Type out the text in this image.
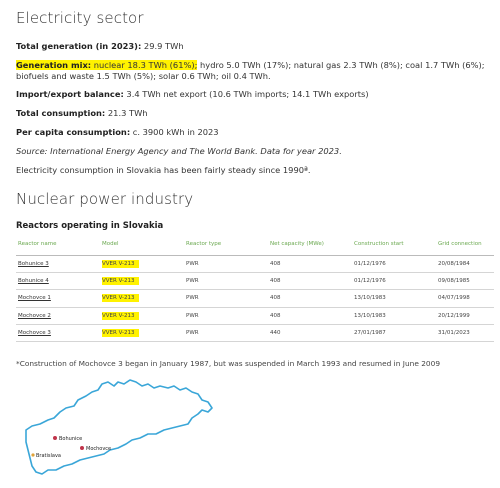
Electricity sector

Total generation (in 2023): 29.9 TWh

Generation mix: nuclear 18.3 TWh (61%); hydro 5.0 TWh (17%); natural gas 2.3 TWh (8%); coal 1.7 TWh (6%); biofuels and waste 1.5 TWh (5%); solar 0.6 TWh; oil 0.4 TWh.

Import/export balance: 3.4 TWh net export (10.6 TWh imports; 14.1 TWh exports)

Total consumption: 21.3 TWh

Per capita consumption: c. 3900 kWh in 2023

Source: International Energy Agency and The World Bank. Data for year 2023.

Electricity consumption in Slovakia has been fairly steady since 1990ª.

Nuclear power industry
Reactors operating in Slovakia
Reactor name	Model	Reactor type	Net capacity (MWe)	Construction start	Grid connection
Bohunice 3	VVER V-213	PWR	408	01/12/1976	20/08/1984
Bohunice 4	VVER V-213	PWR	408	01/12/1976	09/08/1985
Mochovce 1	VVER V-213	PWR	408	13/10/1983	04/07/1998
Mochovce 2	VVER V-213	PWR	408	13/10/1983	20/12/1999
Mochovce 3	VVER V-213	PWR	440	27/01/1987	31/01/2023
*Construction of Mochovce 3 began in January 1987, but was suspended in March 1993 and resumed in June 2009
Bohunice
Mochovce
Bratislava
